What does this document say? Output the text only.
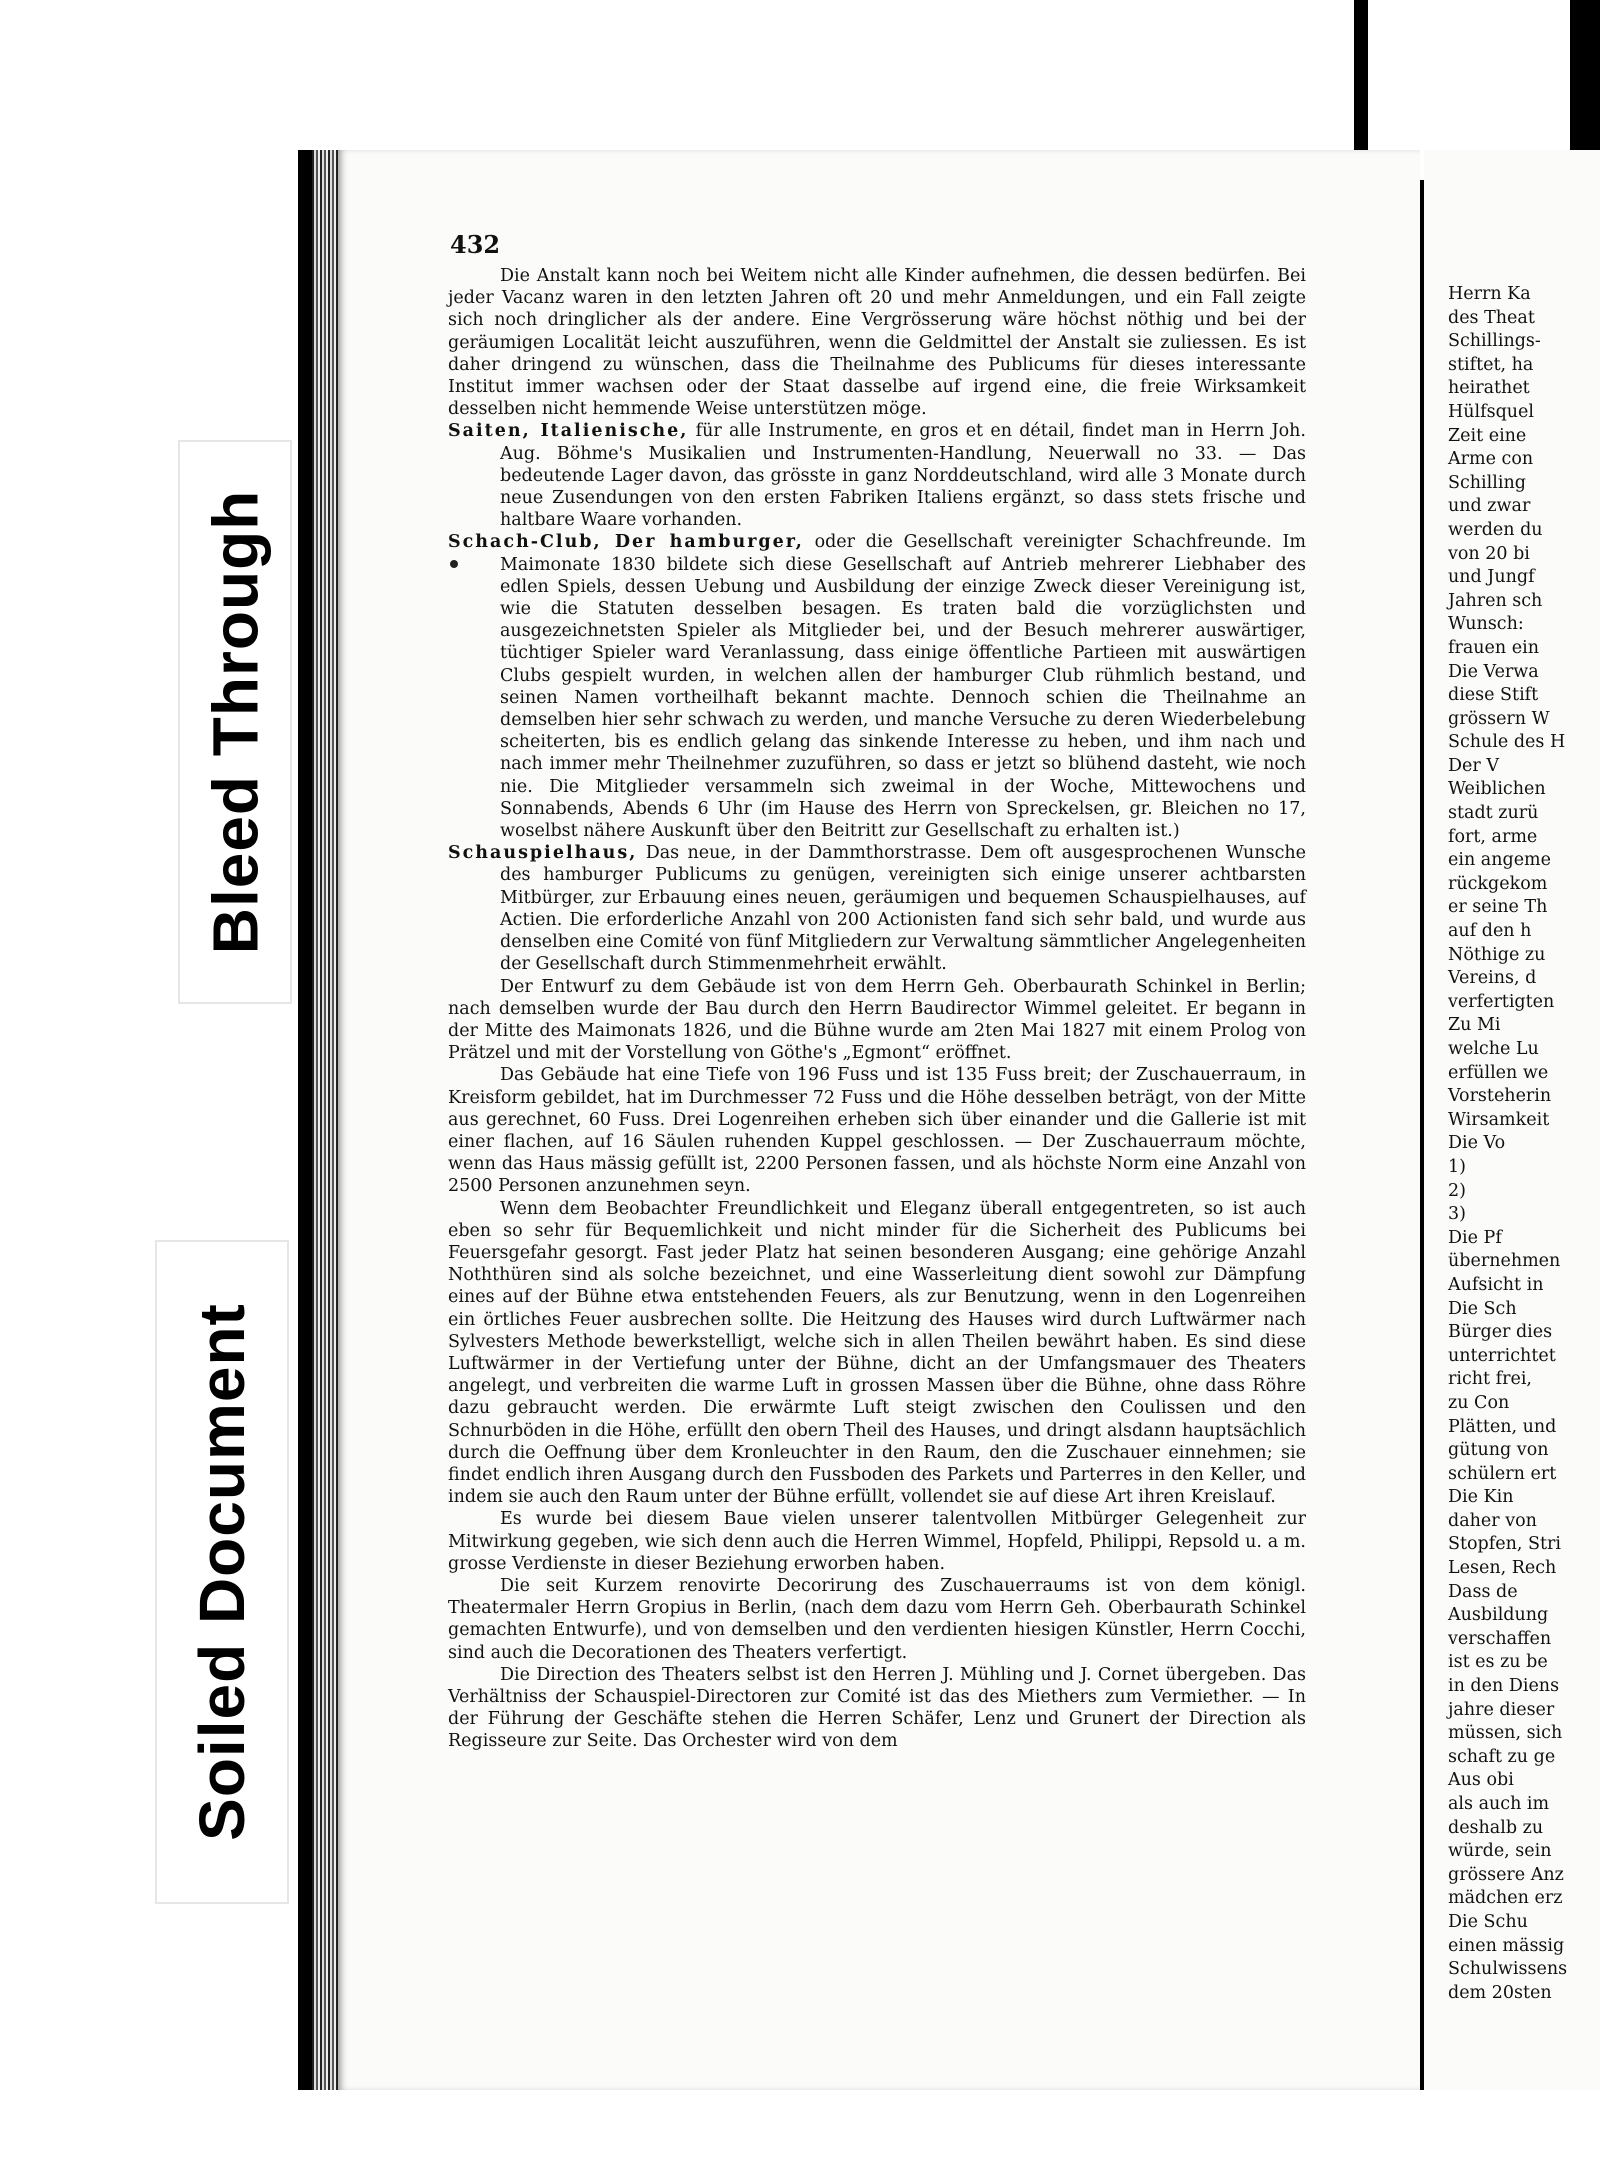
Bleed Through
Soiled Document
432

Die Anstalt kann noch bei Weitem nicht alle Kinder aufnehmen, die dessen bedürfen. Bei jeder Vacanz waren in den letzten Jahren oft 20 und mehr Anmeldungen, und ein Fall zeigte sich noch dringlicher als der andere. Eine Vergrösserung wäre höchst nöthig und bei der geräumigen Localität leicht auszuführen, wenn die Geldmittel der Anstalt sie zuliessen. Es ist daher dringend zu wünschen, dass die Theilnahme des Publicums für dieses interessante Institut immer wachsen oder der Staat dasselbe auf irgend eine, die freie Wirksamkeit desselben nicht hemmende Weise unterstützen möge.

Saiten, Italienische, für alle Instrumente, en gros et en détail, findet man in Herrn Joh. Aug. Böhme's Musikalien und Instrumenten-Handlung, Neuerwall no 33. — Das bedeutende Lager davon, das grösste in ganz Norddeutschland, wird alle 3 Monate durch neue Zusendungen von den ersten Fabriken Italiens ergänzt, so dass stets frische und haltbare Waare vorhanden.

Schach-Club, Der hamburger, oder die Gesellschaft vereinigter Schachfreunde. Im Maimonate 1830 bildete sich diese Gesellschaft auf Antrieb mehrerer Liebhaber des edlen Spiels, dessen Uebung und Ausbildung der einzige Zweck dieser Vereinigung ist, wie die Statuten desselben besagen. Es traten bald die vorzüglichsten und ausgezeichnetsten Spieler als Mitglieder bei, und der Besuch mehrerer auswärtiger, tüchtiger Spieler ward Veranlassung, dass einige öffentliche Partieen mit auswärtigen Clubs gespielt wurden, in welchen allen der hamburger Club rühmlich bestand, und seinen Namen vortheilhaft bekannt machte. Dennoch schien die Theilnahme an demselben hier sehr schwach zu werden, und manche Versuche zu deren Wiederbelebung scheiterten, bis es endlich gelang das sinkende Interesse zu heben, und ihm nach und nach immer mehr Theilnehmer zuzuführen, so dass er jetzt so blühend dasteht, wie noch nie. Die Mitglieder versammeln sich zweimal in der Woche, Mittewochens und Sonnabends, Abends 6 Uhr (im Hause des Herrn von Spreckelsen, gr. Bleichen no 17, woselbst nähere Auskunft über den Beitritt zur Gesellschaft zu erhalten ist.)

Schauspielhaus, Das neue, in der Dammthorstrasse. Dem oft ausgesprochenen Wunsche des hamburger Publicums zu genügen, vereinigten sich einige unserer achtbarsten Mitbürger, zur Erbauung eines neuen, geräumigen und bequemen Schauspielhauses, auf Actien. Die erforderliche Anzahl von 200 Actionisten fand sich sehr bald, und wurde aus denselben eine Comité von fünf Mitgliedern zur Verwaltung sämmtlicher Angelegenheiten der Gesellschaft durch Stimmenmehrheit erwählt.

Der Entwurf zu dem Gebäude ist von dem Herrn Geh. Oberbaurath Schinkel in Berlin; nach demselben wurde der Bau durch den Herrn Baudirector Wimmel geleitet. Er begann in der Mitte des Maimonats 1826, und die Bühne wurde am 2ten Mai 1827 mit einem Prolog von Prätzel und mit der Vorstellung von Göthe's „Egmont“ eröffnet.

Das Gebäude hat eine Tiefe von 196 Fuss und ist 135 Fuss breit; der Zuschauerraum, in Kreisform gebildet, hat im Durchmesser 72 Fuss und die Höhe desselben beträgt, von der Mitte aus gerechnet, 60 Fuss. Drei Logenreihen erheben sich über einander und die Gallerie ist mit einer flachen, auf 16 Säulen ruhenden Kuppel geschlossen. — Der Zuschauerraum möchte, wenn das Haus mässig gefüllt ist, 2200 Personen fassen, und als höchste Norm eine Anzahl von 2500 Personen anzunehmen seyn.

Wenn dem Beobachter Freundlichkeit und Eleganz überall entgegentreten, so ist auch eben so sehr für Bequemlichkeit und nicht minder für die Sicherheit des Publicums bei Feuersgefahr gesorgt. Fast jeder Platz hat seinen besonderen Ausgang; eine gehörige Anzahl Noththüren sind als solche bezeichnet, und eine Wasserleitung dient sowohl zur Dämpfung eines auf der Bühne etwa entstehenden Feuers, als zur Benutzung, wenn in den Logenreihen ein örtliches Feuer ausbrechen sollte. Die Heitzung des Hauses wird durch Luftwärmer nach Sylvesters Methode bewerkstelligt, welche sich in allen Theilen bewährt haben. Es sind diese Luftwärmer in der Vertiefung unter der Bühne, dicht an der Umfangsmauer des Theaters angelegt, und verbreiten die warme Luft in grossen Massen über die Bühne, ohne dass Röhre dazu gebraucht werden. Die erwärmte Luft steigt zwischen den Coulissen und den Schnurböden in die Höhe, erfüllt den obern Theil des Hauses, und dringt alsdann hauptsächlich durch die Oeffnung über dem Kronleuchter in den Raum, den die Zuschauer einnehmen; sie findet endlich ihren Ausgang durch den Fussboden des Parkets und Parterres in den Keller, und indem sie auch den Raum unter der Bühne erfüllt, vollendet sie auf diese Art ihren Kreislauf.

Es wurde bei diesem Baue vielen unserer talentvollen Mitbürger Gelegenheit zur Mitwirkung gegeben, wie sich denn auch die Herren Wimmel, Hopfeld, Philippi, Repsold u. a m. grosse Verdienste in dieser Beziehung erworben haben.

Die seit Kurzem renovirte Decorirung des Zuschauerraums ist von dem königl. Theatermaler Herrn Gropius in Berlin, (nach dem dazu vom Herrn Geh. Oberbaurath Schinkel gemachten Entwurfe), und von demselben und den verdienten hiesigen Künstler, Herrn Cocchi, sind auch die Decorationen des Theaters verfertigt.

Die Direction des Theaters selbst ist den Herren J. Mühling und J. Cornet übergeben. Das Verhältniss der Schauspiel-Directoren zur Comité ist das des Miethers zum Vermiether. — In der Führung der Geschäfte stehen die Herren Schäfer, Lenz und Grunert der Direction als Regisseure zur Seite. Das Orchester wird von dem

Herrn Ka
des Theat
Schillings-
stiftet, ha
heirathet
Hülfsquel
Zeit eine
Arme con
Schilling
und zwar
werden du
von 20 bi
und Jungf
Jahren sch
Wunsch:
frauen ein
Die Verwa
diese Stift
grössern W
Schule des H
Der V
Weiblichen
stadt zurü
fort, arme
ein angeme
rückgekom
er seine Th
auf den h
Nöthige zu
Vereins, d
verfertigten
Zu Mi
welche Lu
erfüllen we
Vorsteherin
Wirsamkeit
Die Vo
1)
2)
3)
Die Pf
übernehmen
Aufsicht in
Die Sch
Bürger dies
unterrichtet
richt frei,
zu Con
Plätten, und
gütung von
schülern ert
Die Kin
daher von
Stopfen, Stri
Lesen, Rech
Dass de
Ausbildung
verschaffen
ist es zu be
in den Diens
jahre dieser
müssen, sich
schaft zu ge
Aus obi
als auch im
deshalb zu
würde, sein
grössere Anz
mädchen erz
Die Schu
einen mässig
Schulwissens
dem 20sten
